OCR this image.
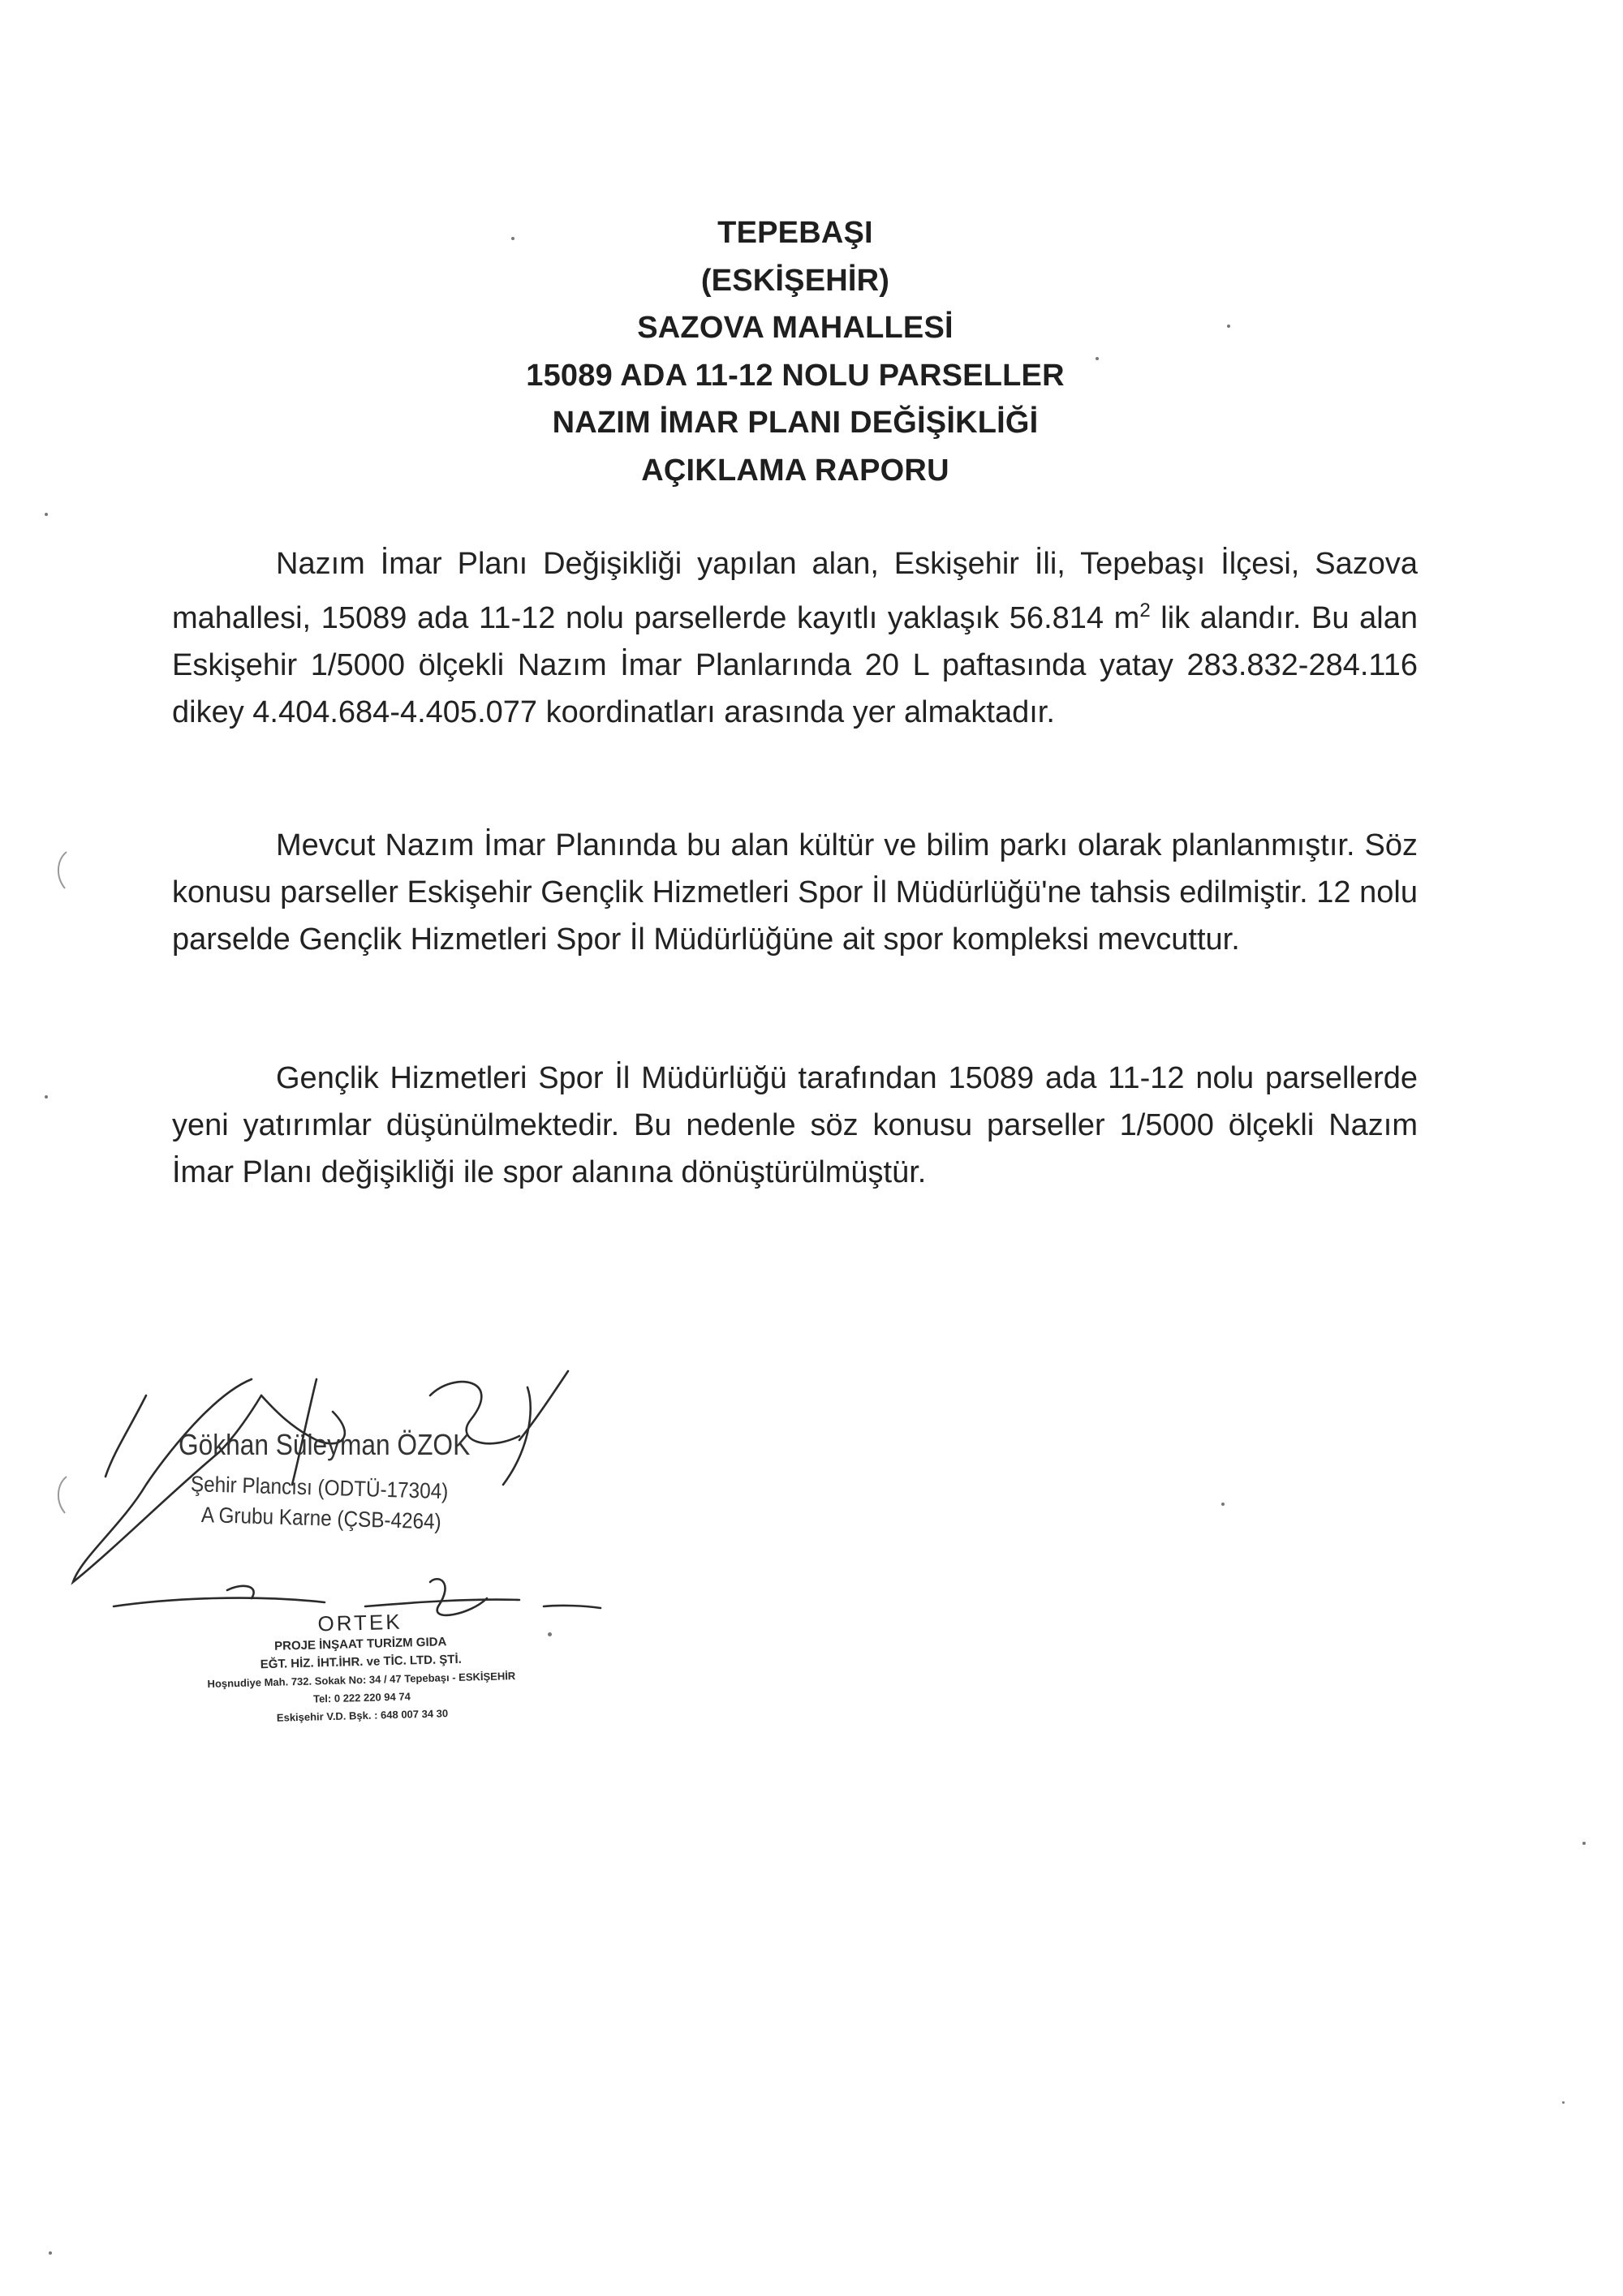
TEPEBAŞI
(ESKİŞEHİR)
SAZOVA MAHALLESİ
15089 ADA 11-12 NOLU PARSELLER
NAZIM İMAR PLANI DEĞİŞİKLİĞİ
AÇIKLAMA RAPORU
Nazım İmar Planı Değişikliği yapılan alan, Eskişehir İli, Tepebaşı İlçesi, Sazova mahallesi, 15089 ada 11-12 nolu parsellerde kayıtlı yaklaşık 56.814 $m^2$ lik alandır. Bu alan Eskişehir 1/5000 ölçekli Nazım İmar Planlarında 20 L paftasında yatay 283.832-284.116 dikey 4.404.684-4.405.077 koordinatları arasında yer almaktadır.
Mevcut Nazım İmar Planında bu alan kültür ve bilim parkı olarak planlanmıştır. Söz konusu parseller Eskişehir Gençlik Hizmetleri Spor İl Müdürlüğü'ne tahsis edilmiştir. 12 nolu parselde Gençlik Hizmetleri Spor İl Müdürlüğüne ait spor kompleksi mevcuttur.
Gençlik Hizmetleri Spor İl Müdürlüğü tarafından 15089 ada 11-12 nolu parsellerde yeni yatırımlar düşünülmektedir. Bu nedenle söz konusu parseller 1/5000 ölçekli Nazım İmar Planı değişikliği ile spor alanına dönüştürülmüştür.
Gökhan Süleyman ÖZOK
Şehir Plancısı (ODTÜ-17304)
A Grubu Karne (ÇSB-4264)
ORTEK
PROJE İNŞAAT TURİZM GIDA
EĞT. HİZ. İHT.İHR. ve TİC. LTD. ŞTİ.
Hoşnudiye Mah. 732. Sokak No: 34 / 47 Tepebaşı - ESKİŞEHİR
Tel: 0 222 220 94 74
Eskişehir V.D. Bşk. : 648 007 34 30
